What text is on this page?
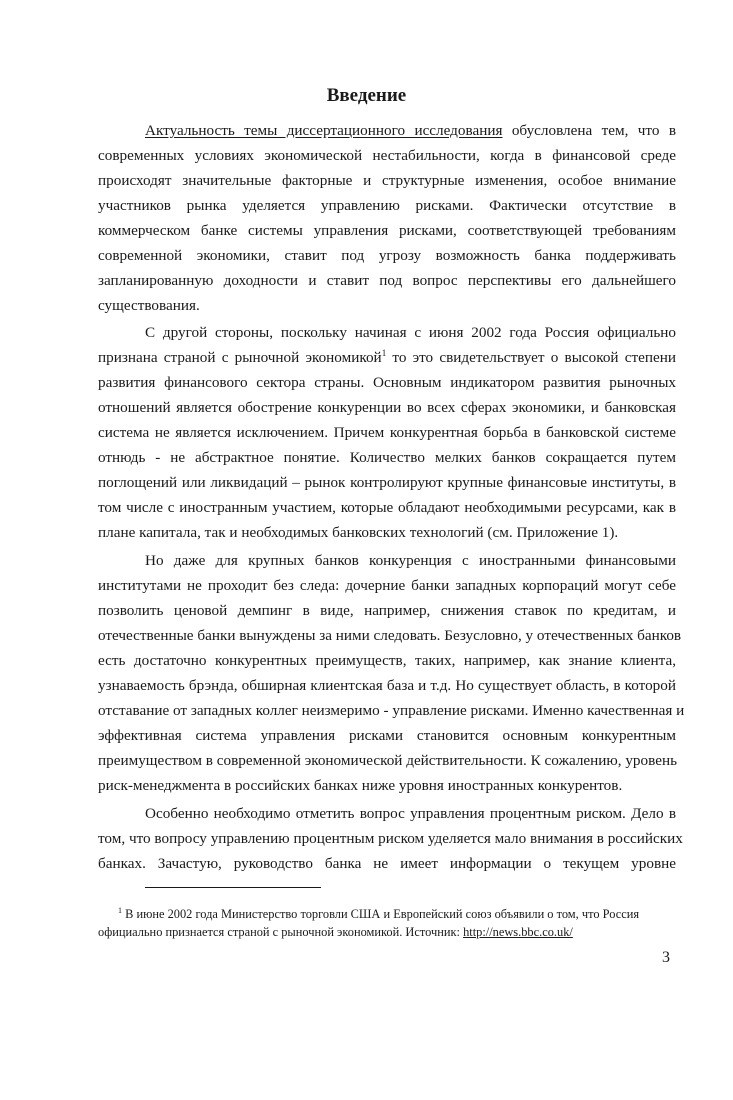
Введение
Актуальность темы диссертационного исследования обусловлена тем, что в
современных условиях экономической нестабильности, когда в финансовой среде
происходят значительные факторные и структурные изменения, особое внимание
участников рынка уделяется управлению рисками. Фактически отсутствие в
коммерческом банке системы управления рисками, соответствующей требованиям
современной экономики, ставит под угрозу возможность банка поддерживать
запланированную доходности и ставит под вопрос перспективы его дальнейшего
существования.
С другой стороны, поскольку начиная с июня 2002 года Россия официально
признана страной с рыночной экономикой$^1$ то это свидетельствует о высокой степени
развития финансового сектора страны. Основным индикатором развития рыночных
отношений является обострение конкуренции во всех сферах экономики, и банковская
система не является исключением. Причем конкурентная борьба в банковской системе
отнюдь - не абстрактное понятие. Количество мелких банков сокращается путем
поглощений или ликвидаций – рынок контролируют крупные финансовые институты, в
том числе с иностранным участием, которые обладают необходимыми ресурсами, как в
плане капитала, так и необходимых банковских технологий (см. Приложение 1).
Но даже для крупных банков конкуренция с иностранными финансовыми
институтами не проходит без следа: дочерние банки западных корпораций могут себе
позволить ценовой демпинг в виде, например, снижения ставок по кредитам, и
отечественные банки вынуждены за ними следовать. Безусловно, у отечественных банков
есть достаточно конкурентных преимуществ, таких, например, как знание клиента,
узнаваемость брэнда, обширная клиентская база и т.д. Но существует область, в которой
отставание от западных коллег неизмеримо - управление рисками. Именно качественная и
эффективная система управления рисками становится основным конкурентным
преимуществом в современной экономической действительности. К сожалению, уровень
риск-менеджмента в российских банках ниже уровня иностранных конкурентов.
Особенно необходимо отметить вопрос управления процентным риском. Дело в
том, что вопросу управлению процентным риском уделяется мало внимания в российских
банках. Зачастую, руководство банка не имеет информации о текущем уровне
$^1$ В июне 2002 года Министерство торговли США и Европейский союз объявили о том, что Россия
официально признается страной с рыночной экономикой. Источник: http://news.bbc.co.uk/
3
